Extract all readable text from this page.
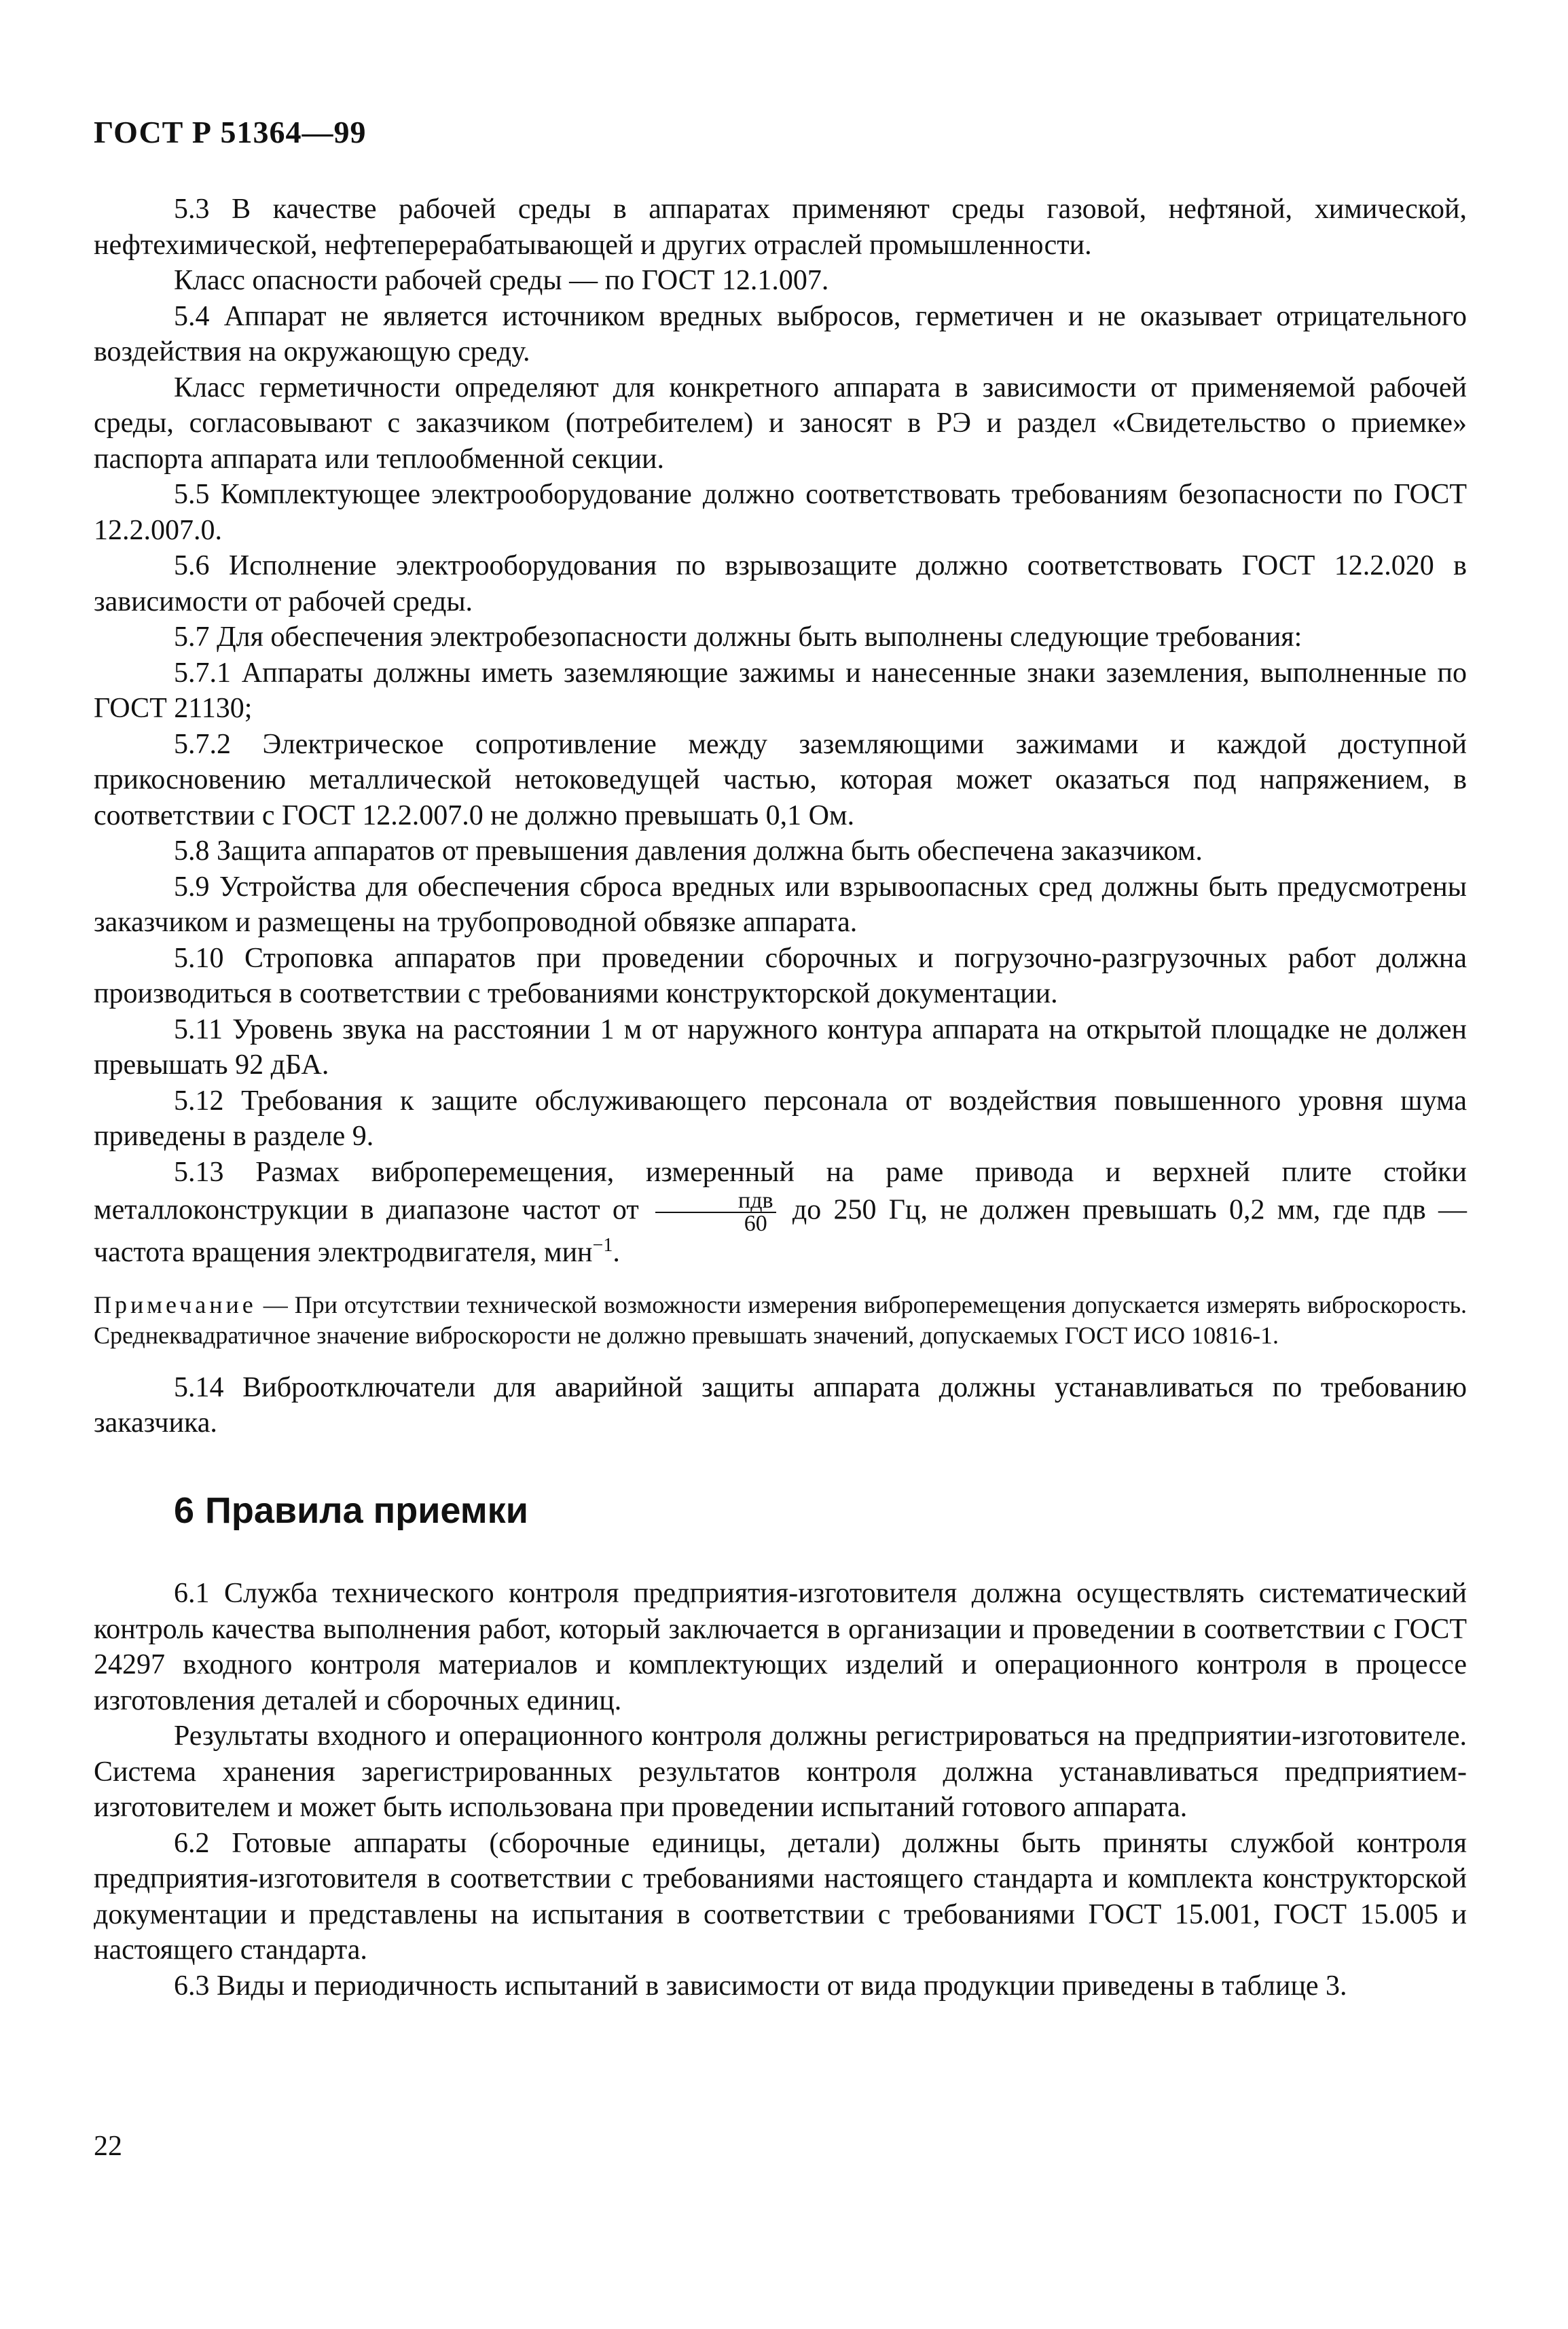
ГОСТ Р 51364—99

5.3 В качестве рабочей среды в аппаратах применяют среды газовой, нефтяной, химической, нефтехимической, нефтеперерабатывающей и других отраслей промышленности.

Класс опасности рабочей среды — по ГОСТ 12.1.007.

5.4 Аппарат не является источником вредных выбросов, герметичен и не оказывает отрицательного воздействия на окружающую среду.

Класс герметичности определяют для конкретного аппарата в зависимости от применяемой рабочей среды, согласовывают с заказчиком (потребителем) и заносят в РЭ и раздел «Свидетельство о приемке» паспорта аппарата или теплообменной секции.

5.5 Комплектующее электрооборудование должно соответствовать требованиям безопасности по ГОСТ 12.2.007.0.

5.6 Исполнение электрооборудования по взрывозащите должно соответствовать ГОСТ 12.2.020 в зависимости от рабочей среды.

5.7 Для обеспечения электробезопасности должны быть выполнены следующие требования:

5.7.1 Аппараты должны иметь заземляющие зажимы и нанесенные знаки заземления, выполненные по ГОСТ 21130;

5.7.2 Электрическое сопротивление между заземляющими зажимами и каждой доступной прикосновению металлической нетоковедущей частью, которая может оказаться под напряжением, в соответствии с ГОСТ 12.2.007.0 не должно превышать 0,1 Ом.

5.8 Защита аппаратов от превышения давления должна быть обеспечена заказчиком.

5.9 Устройства для обеспечения сброса вредных или взрывоопасных сред должны быть предусмотрены заказчиком и размещены на трубопроводной обвязке аппарата.

5.10 Строповка аппаратов при проведении сборочных и погрузочно-разгрузочных работ должна производиться в соответствии с требованиями конструкторской документации.

5.11 Уровень звука на расстоянии 1 м от наружного контура аппарата на открытой площадке не должен превышать 92 дБА.

5.12 Требования к защите обслуживающего персонала от воздействия повышенного уровня шума приведены в разделе 9.

5.13 Размах виброперемещения, измеренный на раме привода и верхней плите стойки металлоконструкции в диапазоне частот от $\frac{\text{пдв}}{60}$ до 250 Гц, не должен превышать 0,2 мм, где пдв — частота вращения электродвигателя, мин$^{-1}$.

Примечание — При отсутствии технической возможности измерения виброперемещения допускается измерять виброскорость. Среднеквадратичное значение виброскорости не должно превышать значений, допускаемых ГОСТ ИСО 10816-1.

5.14 Виброотключатели для аварийной защиты аппарата должны устанавливаться по требованию заказчика.

6 Правила приемки

6.1 Служба технического контроля предприятия-изготовителя должна осуществлять систематический контроль качества выполнения работ, который заключается в организации и проведении в соответствии с ГОСТ 24297 входного контроля материалов и комплектующих изделий и операционного контроля в процессе изготовления деталей и сборочных единиц.

Результаты входного и операционного контроля должны регистрироваться на предприятии-изготовителе. Система хранения зарегистрированных результатов контроля должна устанавливаться предприятием-изготовителем и может быть использована при проведении испытаний готового аппарата.

6.2 Готовые аппараты (сборочные единицы, детали) должны быть приняты службой контроля предприятия-изготовителя в соответствии с требованиями настоящего стандарта и комплекта конструкторской документации и представлены на испытания в соответствии с требованиями ГОСТ 15.001, ГОСТ 15.005 и настоящего стандарта.

6.3 Виды и периодичность испытаний в зависимости от вида продукции приведены в таблице 3.

22
